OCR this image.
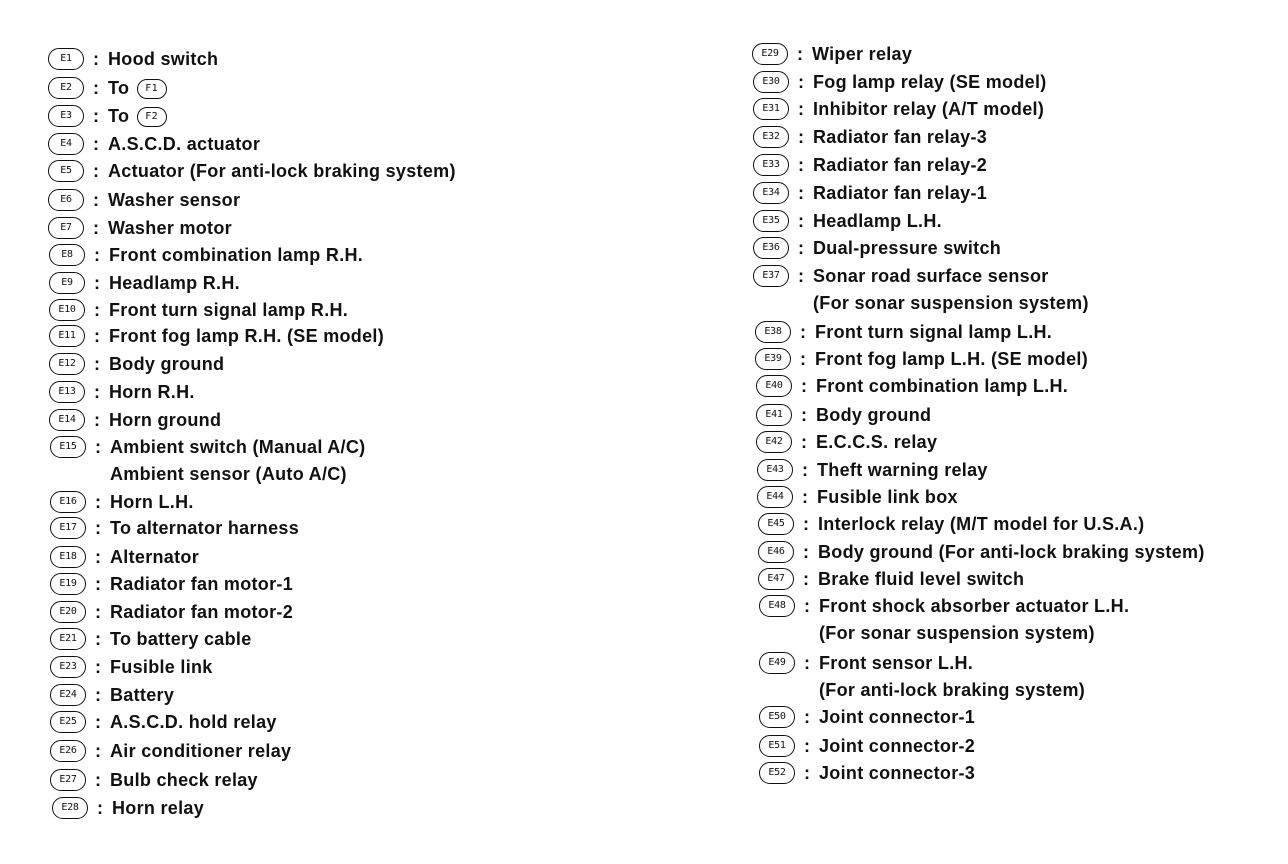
E1	: Hood switch
E2	: To F1
E3	: To F2
E4	: A.S.C.D. actuator
E5	: Actuator (For anti-lock braking system)
E6	: Washer sensor
E7	: Washer motor
E8	: Front combination lamp R.H.
E9	: Headlamp R.H.
E10	: Front turn signal lamp R.H.
E11	: Front fog lamp R.H. (SE model)
E12	: Body ground
E13	: Horn R.H.
E14	: Horn ground
E15	: Ambient switch (Manual A/C)
Ambient sensor (Auto A/C)
E16	: Horn L.H.
E17	: To alternator harness
E18	: Alternator
E19	: Radiator fan motor-1
E20	: Radiator fan motor-2
E21	: To battery cable
E23	: Fusible link
E24	: Battery
E25	: A.S.C.D. hold relay
E26	: Air conditioner relay
E27	: Bulb check relay
E28	: Horn relay
E29	: Wiper relay
E30	: Fog lamp relay (SE model)
E31	: Inhibitor relay (A/T model)
E32	: Radiator fan relay-3
E33	: Radiator fan relay-2
E34	: Radiator fan relay-1
E35	: Headlamp L.H.
E36	: Dual-pressure switch
E37	: Sonar road surface sensor
(For sonar suspension system)
E38	: Front turn signal lamp L.H.
E39	: Front fog lamp L.H. (SE model)
E40	: Front combination lamp L.H.
E41	: Body ground
E42	: E.C.C.S. relay
E43	: Theft warning relay
E44	: Fusible link box
E45	: Interlock relay (M/T model for U.S.A.)
E46	: Body ground (For anti-lock braking system)
E47	: Brake fluid level switch
E48	: Front shock absorber actuator L.H.
(For sonar suspension system)
E49	: Front sensor L.H.
(For anti-lock braking system)
E50	: Joint connector-1
E51	: Joint connector-2
E52	: Joint connector-3
